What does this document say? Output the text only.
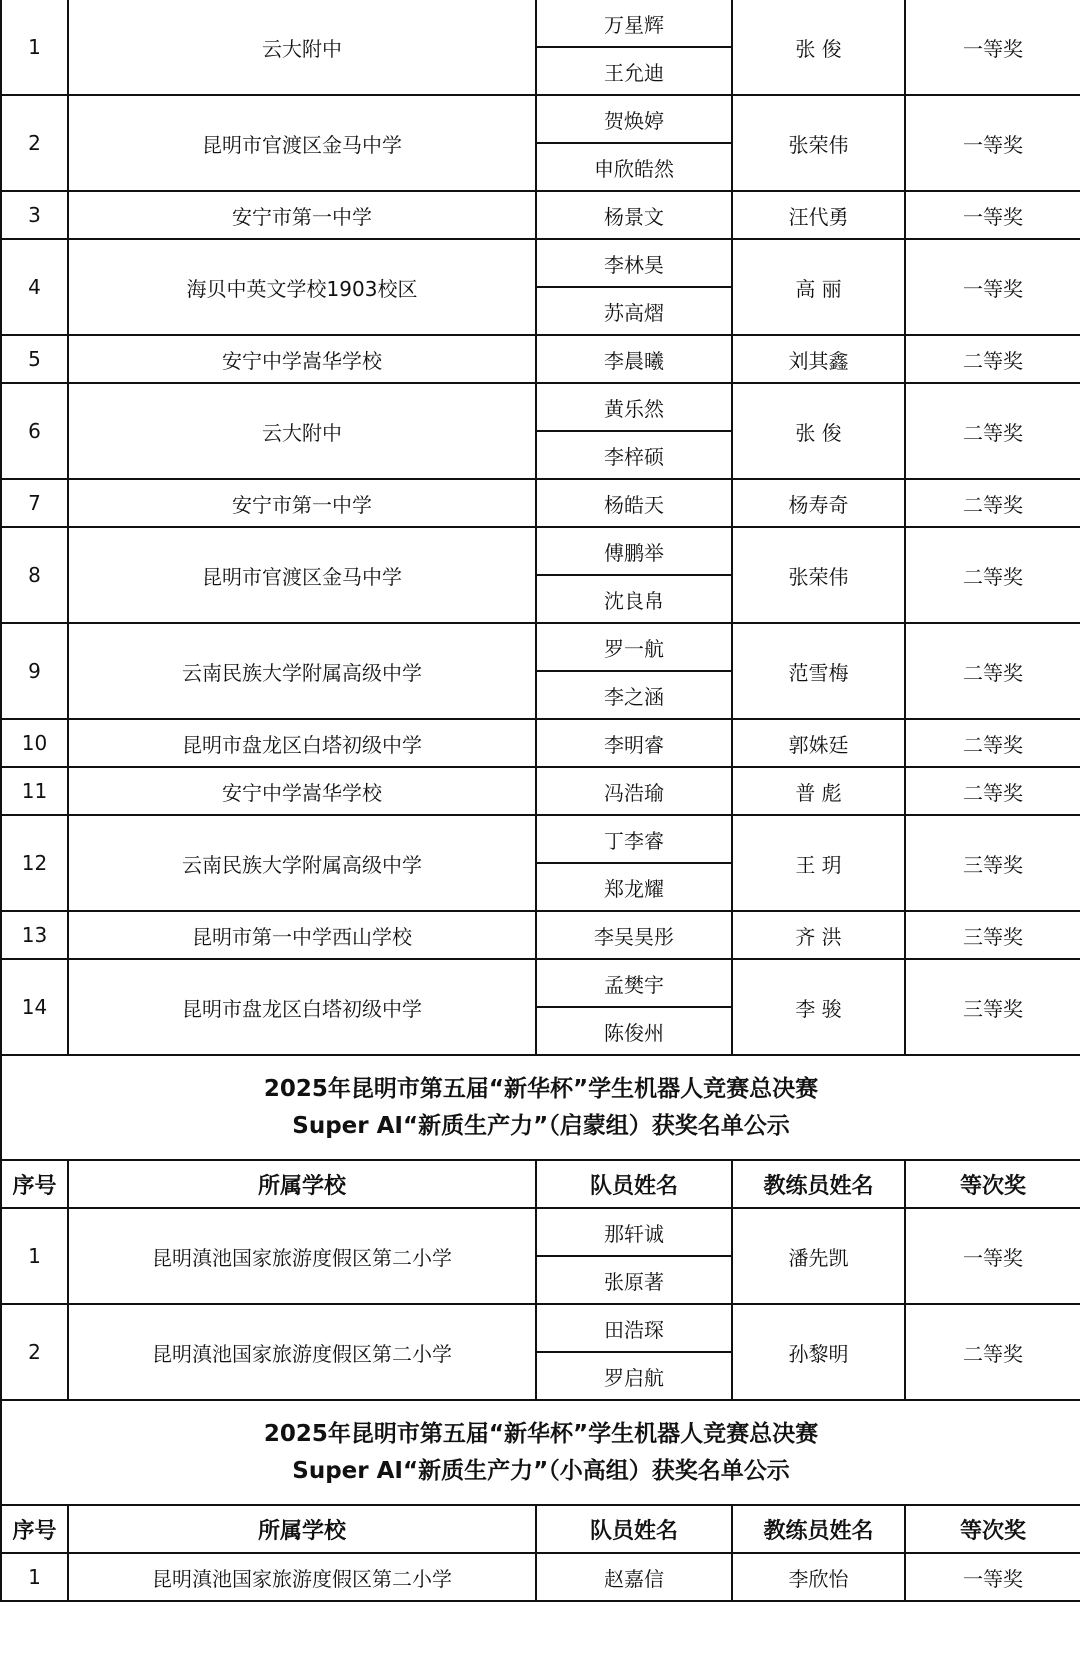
1	云大附中	万星辉	张 俊	一等奖
		王允迪		
2	昆明市官渡区金马中学	贺焕婷	张荣伟	一等奖
		申欣皓然		
3	安宁市第一中学	杨景文	汪代勇	一等奖
4	海贝中英文学校1903校区	李林昊	高 丽	一等奖
		苏高熠		
5	安宁中学嵩华学校	李晨曦	刘其鑫	二等奖
6	云大附中	黄乐然	张 俊	二等奖
		李梓硕		
7	安宁市第一中学	杨皓天	杨寿奇	二等奖
8	昆明市官渡区金马中学	傅鹏举	张荣伟	二等奖
		沈良帛		
9	云南民族大学附属高级中学	罗一航	范雪梅	二等奖
		李之涵		
10	昆明市盘龙区白塔初级中学	李明睿	郭姝廷	二等奖
11	安宁中学嵩华学校	冯浩瑜	普 彪	二等奖
12	云南民族大学附属高级中学	丁李睿	王 玥	三等奖
		郑龙耀		
13	昆明市第一中学西山学校	李吴昊彤	齐 洪	三等奖
14	昆明市盘龙区白塔初级中学	孟樊宇	李 骏	三等奖
		陈俊州		

2025年昆明市第五届“新华杯”学生机器人竞赛总决赛
Super AI“新质生产力”（启蒙组）获奖名单公示				

序号	所属学校	队员姓名	教练员姓名	等次奖
1	昆明滇池国家旅游度假区第二小学	那轩诚	潘先凯	一等奖
		张原著		
2	昆明滇池国家旅游度假区第二小学	田浩琛	孙黎明	二等奖
		罗启航		

2025年昆明市第五届“新华杯”学生机器人竞赛总决赛
Super AI“新质生产力”（小高组）获奖名单公示				

序号	所属学校	队员姓名	教练员姓名	等次奖
1	昆明滇池国家旅游度假区第二小学	赵嘉信	李欣怡	一等奖
